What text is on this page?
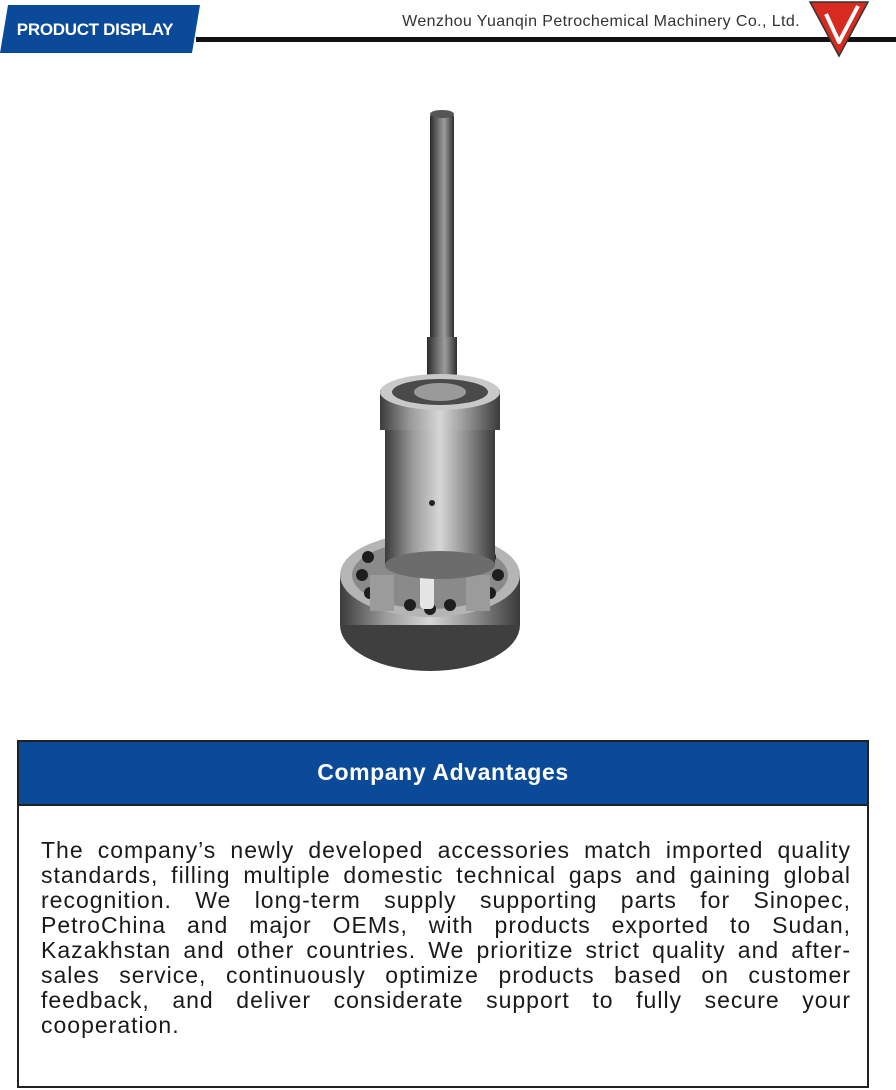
PRODUCT DISPLAY	Wenzhou Yuanqin Petrochemical Machinery Co., Ltd.
Company Advantages
The company’s newly developed accessories match imported quality standards, filling multiple domestic technical gaps and gaining global recognition. We long-term supply supporting parts for Sinopec, PetroChina and major OEMs, with products exported to Sudan, Kazakhstan and other countries. We prioritize strict quality and after-sales service, continuously optimize products based on customer feedback, and deliver considerate support to fully secure your cooperation.
